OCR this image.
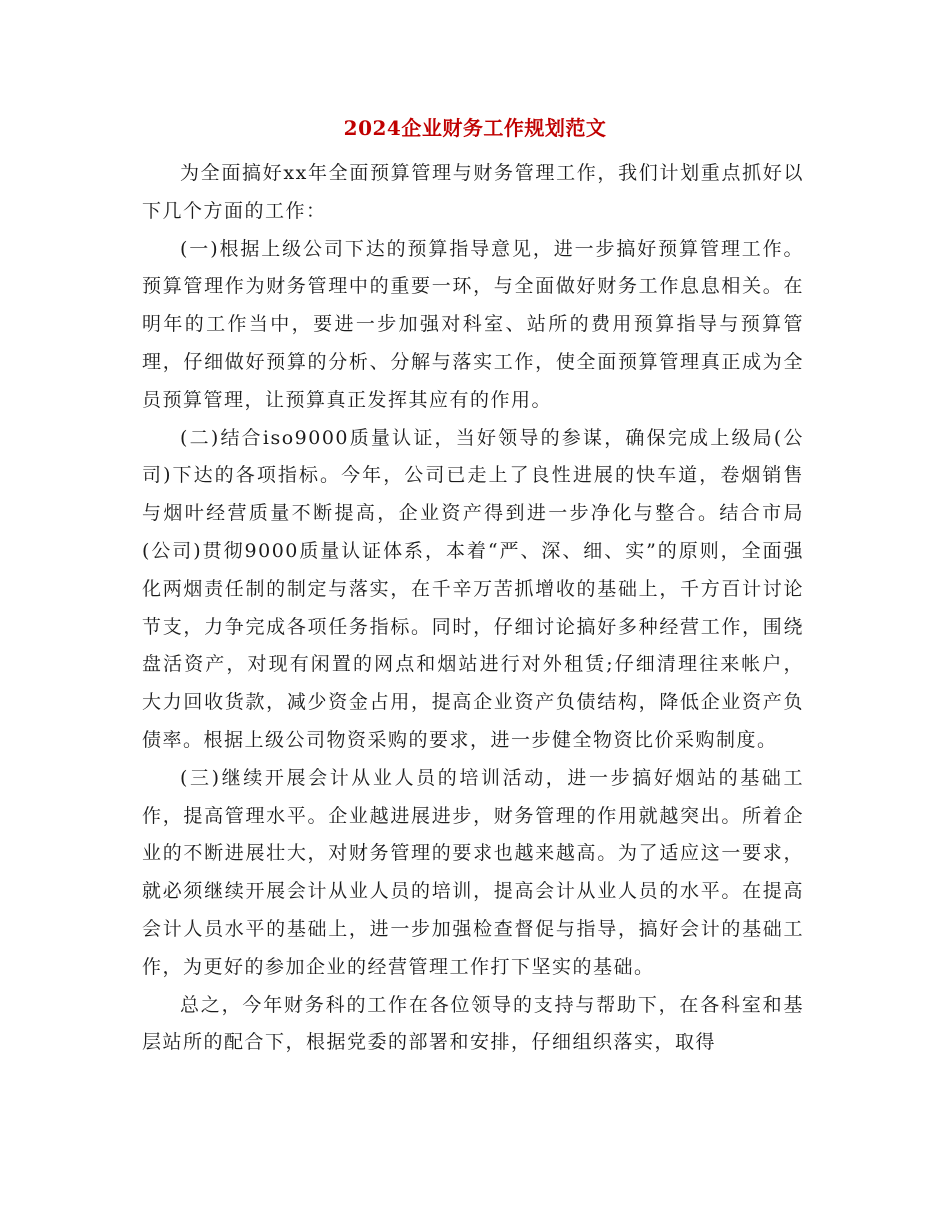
2024企业财务工作规划范文

为全面搞好xx年全面预算管理与财务管理工作，我们计划重点抓好以下几个方面的工作：

(一)根据上级公司下达的预算指导意见，进一步搞好预算管理工作。预算管理作为财务管理中的重要一环，与全面做好财务工作息息相关。在明年的工作当中，要进一步加强对科室、站所的费用预算指导与预算管理，仔细做好预算的分析、分解与落实工作，使全面预算管理真正成为全员预算管理，让预算真正发挥其应有的作用。

(二)结合iso9000质量认证，当好领导的参谋，确保完成上级局(公司)下达的各项指标。今年，公司已走上了良性进展的快车道，卷烟销售与烟叶经营质量不断提高，企业资产得到进一步净化与整合。结合市局(公司)贯彻9000质量认证体系，本着“严、深、细、实”的原则，全面强化两烟责任制的制定与落实，在千辛万苦抓增收的基础上，千方百计讨论节支，力争完成各项任务指标。同时，仔细讨论搞好多种经营工作，围绕盘活资产，对现有闲置的网点和烟站进行对外租赁;仔细清理往来帐户，大力回收货款，减少资金占用，提高企业资产负债结构，降低企业资产负债率。根据上级公司物资采购的要求，进一步健全物资比价采购制度。

(三)继续开展会计从业人员的培训活动，进一步搞好烟站的基础工作，提高管理水平。企业越进展进步，财务管理的作用就越突出。所着企业的不断进展壮大，对财务管理的要求也越来越高。为了适应这一要求，就必须继续开展会计从业人员的培训，提高会计从业人员的水平。在提高会计人员水平的基础上，进一步加强检查督促与指导，搞好会计的基础工作，为更好的参加企业的经营管理工作打下坚实的基础。

总之，今年财务科的工作在各位领导的支持与帮助下，在各科室和基层站所的配合下，根据党委的部署和安排，仔细组织落实，取得
